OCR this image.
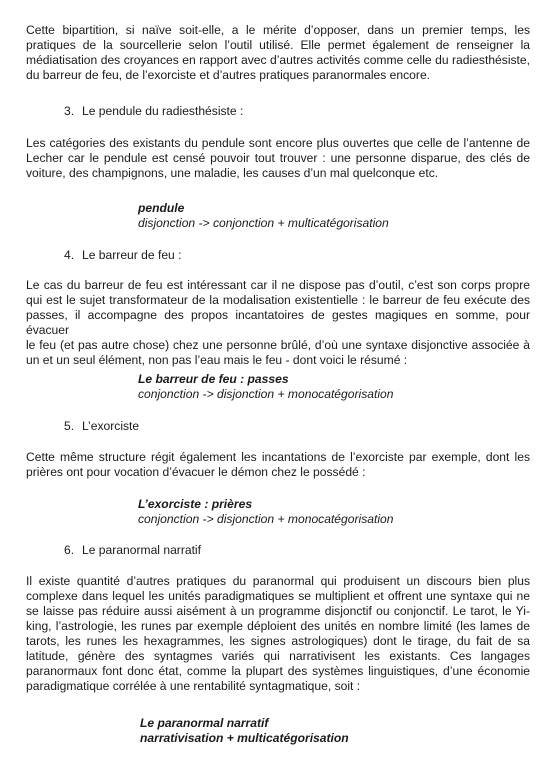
Cette bipartition, si naïve soit-elle, a le mérite d’opposer, dans un premier temps, les
pratiques de la sourcellerie selon l’outil utilisé. Elle permet également de renseigner la
médiatisation des croyances en rapport avec d’autres activités comme celle du radiesthésiste,
du barreur de feu, de l’exorciste et d’autres pratiques paranormales encore.
3. Le pendule du radiesthésiste :
Les catégories des existants du pendule sont encore plus ouvertes que celle de l’antenne de
Lecher car le pendule est censé pouvoir tout trouver : une personne disparue, des clés de
voiture, des champignons, une maladie, les causes d’un mal quelconque etc.
pendule
disjonction -> conjonction + multicatégorisation
4. Le barreur de feu :
Le cas du barreur de feu est intéressant car il ne dispose pas d’outil, c’est son corps propre
qui est le sujet transformateur de la modalisation existentielle : le barreur de feu exécute des
passes, il accompagne des propos incantatoires de gestes magiques en somme, pour évacuer
le feu (et pas autre chose) chez une personne brûlé, d’où une syntaxe disjonctive associée à
un et un seul élément, non pas l’eau mais le feu - dont voici le résumé :
Le barreur de feu : passes
conjonction -> disjonction + monocatégorisation
5. L’exorciste
Cette même structure régit également les incantations de l’exorciste par exemple, dont les
prières ont pour vocation d’évacuer le démon chez le possédé :
L’exorciste : prières
conjonction -> disjonction + monocatégorisation
6. Le paranormal narratif
Il existe quantité d’autres pratiques du paranormal qui produisent un discours bien plus
complexe dans lequel les unités paradigmatiques se multiplient et offrent une syntaxe qui ne
se laisse pas réduire aussi aisément à un programme disjonctif ou conjonctif. Le tarot, le Yi-
king, l’astrologie, les runes par exemple déploient des unités en nombre limité (les lames de
tarots, les runes les hexagrammes, les signes astrologiques) dont le tirage, du fait de sa
latitude, génère des syntagmes variés qui narrativisent les existants. Ces langages
paranormaux font donc état, comme la plupart des systèmes linguistiques, d’une économie
paradigmatique corrélée à une rentabilité syntagmatique, soit :
Le paranormal narratif
narrativisation + multicatégorisation
